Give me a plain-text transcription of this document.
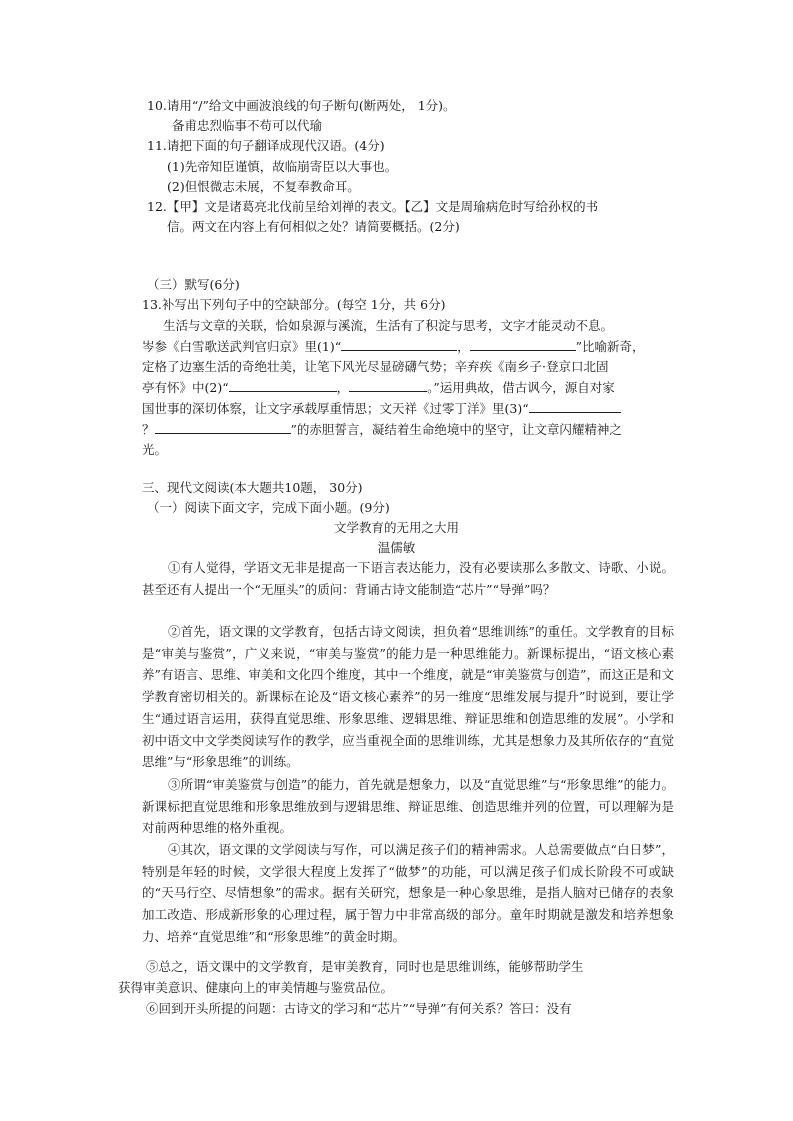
10.请用“/”给文中画波浪线的句子断句(断两处， 1分)。
备甫忠烈临事不苟可以代瑜
11.请把下面的句子翻译成现代汉语。(4分)
(1)先帝知臣谨慎，故临崩寄臣以大事也。
(2)但恨微志未展，不复奉教命耳。
12.【甲】文是诸葛亮北伐前呈给刘禅的表文。【乙】文是周瑜病危时写给孙权的书
信。两文在内容上有何相似之处？请简要概括。(2分)
（三）默写(6分)
13.补写出下列句子中的空缺部分。(每空 1分，共 6分)
生活与文章的关联，恰如泉源与溪流，生活有了积淀与思考，文字才能灵动不息。
岑参《白雪歌送武判官归京》里(1)“	，	”比喻新奇，
定格了边塞生活的奇绝壮美，让笔下风光尽显磅礴气势；辛弃疾《南乡子·登京口北固
亭有怀》中(2)“	，	。”运用典故，借古讽今，源自对家
国世事的深切体察，让文字承载厚重情思；文天祥《过零丁洋》里(3)“
？	”的赤胆誓言，凝结着生命绝境中的坚守，让文章闪耀精神之
光。
三、现代文阅读(本大题共10题， 30分)
（一）阅读下面文字，完成下面小题。(9分)
文学教育的无用之大用
温儒敏
①有人觉得，学语文无非是提高一下语言表达能力，没有必要读那么多散文、诗歌、小说。甚至还有人提出一个“无厘头”的质问：背诵古诗文能制造“芯片”“导弹”吗？
②首先，语文课的文学教育，包括古诗文阅读，担负着“思维训练”的重任。文学教育的目标是“审美与鉴赏”，广义来说，“审美与鉴赏”的能力是一种思维能力。新课标提出，“语文核心素养”有语言、思维、审美和文化四个维度，其中一个维度，就是“审美鉴赏与创造”，而这正是和文学教育密切相关的。新课标在论及“语文核心素养”的另一维度“思维发展与提升”时说到，要让学生“通过语言运用，获得直觉思维、形象思维、逻辑思维、辩证思维和创造思维的发展”。小学和初中语文中文学类阅读写作的教学，应当重视全面的思维训练，尤其是想象力及其所依存的“直觉思维”与“形象思维”的训练。
③所谓“审美鉴赏与创造”的能力，首先就是想象力，以及“直觉思维”与“形象思维”的能力。新课标把直觉思维和形象思维放到与逻辑思维、辩证思维、创造思维并列的位置，可以理解为是对前两种思维的格外重视。
④其次，语文课的文学阅读与写作，可以满足孩子们的精神需求。人总需要做点“白日梦”，特别是年轻的时候，文学很大程度上发挥了“做梦”的功能，可以满足孩子们成长阶段不可或缺的“天马行空、尽情想象”的需求。据有关研究，想象是一种心象思维，是指人脑对已储存的表象加工改造、形成新形象的心理过程，属于智力中非常高级的部分。童年时期就是激发和培养想象力、培养“直觉思维”和“形象思维”的黄金时期。
⑤总之，语文课中的文学教育，是审美教育，同时也是思维训练，能够帮助学生
获得审美意识、健康向上的审美情趣与鉴赏品位。
⑥回到开头所提的问题：古诗文的学习和“芯片”“导弹”有何关系？答曰：没有
